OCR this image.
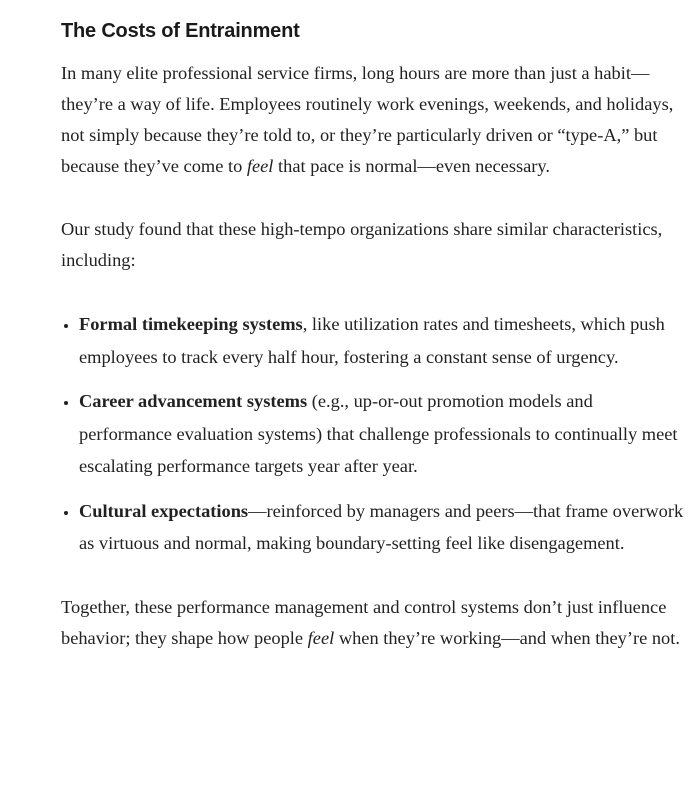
The Costs of Entrainment

In many elite professional service firms, long hours are more than just a habit—they’re a way of life. Employees routinely work evenings, weekends, and holidays, not simply because they’re told to, or they’re particularly driven or “type-A,” but because they’ve come to feel that pace is normal—even necessary.

Our study found that these high-tempo organizations share similar characteristics, including:

• Formal timekeeping systems, like utilization rates and timesheets, which push employees to track every half hour, fostering a constant sense of urgency.
• Career advancement systems (e.g., up-or-out promotion models and performance evaluation systems) that challenge professionals to continually meet escalating performance targets year after year.
• Cultural expectations—reinforced by managers and peers—that frame overwork as virtuous and normal, making boundary-setting feel like disengagement.

Together, these performance management and control systems don’t just influence behavior; they shape how people feel when they’re working—and when they’re not.
